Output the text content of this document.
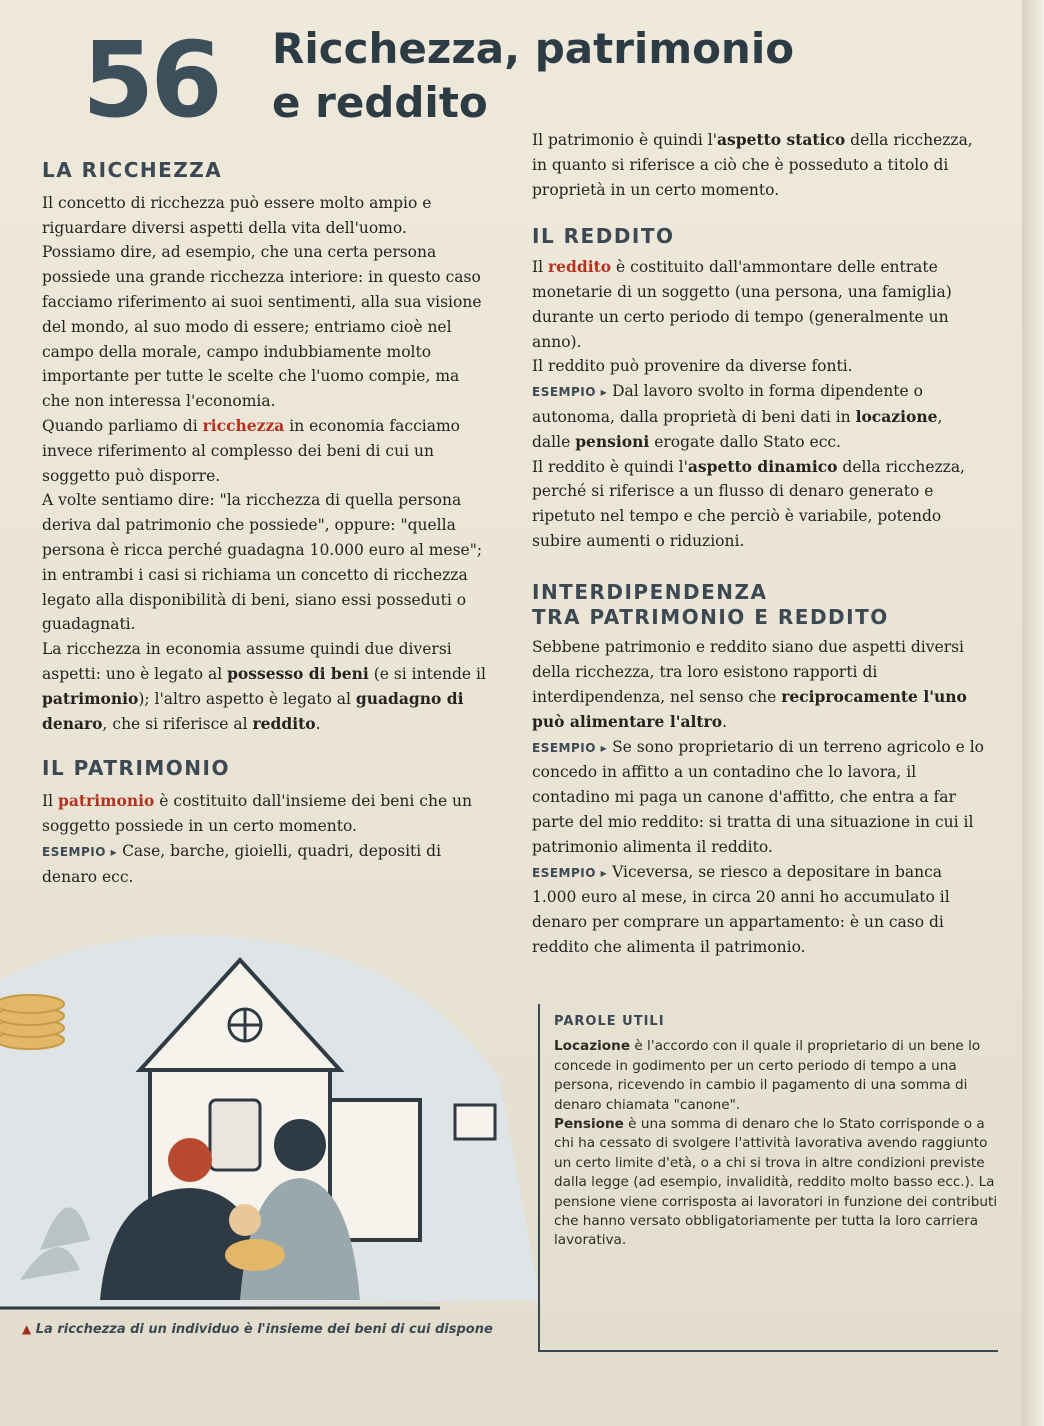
56 Ricchezza, patrimonio
e reddito
LA RICCHEZZA

Il concetto di ricchezza può essere molto ampio e riguardare diversi aspetti della vita dell'uomo.

Possiamo dire, ad esempio, che una certa persona possiede una grande ricchezza interiore: in questo caso facciamo riferimento ai suoi sentimenti, alla sua visione del mondo, al suo modo di essere; entriamo cioè nel campo della morale, campo indubbiamente molto importante per tutte le scelte che l'uomo compie, ma che non interessa l'economia.

Quando parliamo di ricchezza in economia facciamo invece riferimento al complesso dei beni di cui un soggetto può disporre.

A volte sentiamo dire: "la ricchezza di quella persona deriva dal patrimonio che possiede", oppure: "quella persona è ricca perché guadagna 10.000 euro al mese"; in entrambi i casi si richiama un concetto di ricchezza legato alla disponibilità di beni, siano essi posseduti o guadagnati.

La ricchezza in economia assume quindi due diversi aspetti: uno è legato al possesso di beni (e si intende il patrimonio); l'altro aspetto è legato al guadagno di denaro, che si riferisce al reddito.

IL PATRIMONIO

Il patrimonio è costituito dall'insieme dei beni che un soggetto possiede in un certo momento.

ESEMPIO ▸ Case, barche, gioielli, quadri, depositi di denaro ecc.

Il patrimonio è quindi l'aspetto statico della ricchezza, in quanto si riferisce a ciò che è posseduto a titolo di proprietà in un certo momento.

IL REDDITO

Il reddito è costituito dall'ammontare delle entrate monetarie di un soggetto (una persona, una famiglia) durante un certo periodo di tempo (generalmente un anno).

Il reddito può provenire da diverse fonti.

ESEMPIO ▸ Dal lavoro svolto in forma dipendente o autonoma, dalla proprietà di beni dati in locazione, dalle pensioni erogate dallo Stato ecc.

Il reddito è quindi l'aspetto dinamico della ricchezza, perché si riferisce a un flusso di denaro generato e ripetuto nel tempo e che perciò è variabile, potendo subire aumenti o riduzioni.

INTERDIPENDENZA
TRA PATRIMONIO E REDDITO

Sebbene patrimonio e reddito siano due aspetti diversi della ricchezza, tra loro esistono rapporti di interdipendenza, nel senso che reciprocamente l'uno può alimentare l'altro.

ESEMPIO ▸ Se sono proprietario di un terreno agricolo e lo concedo in affitto a un contadino che lo lavora, il contadino mi paga un canone d'affitto, che entra a far parte del mio reddito: si tratta di una situazione in cui il patrimonio alimenta il reddito.

ESEMPIO ▸ Viceversa, se riesco a depositare in banca 1.000 euro al mese, in circa 20 anni ho accumulato il denaro per comprare un appartamento: è un caso di reddito che alimenta il patrimonio.

▲ La ricchezza di un individuo è l'insieme dei beni di cui dispone
PAROLE UTILI

Locazione è l'accordo con il quale il proprietario di un bene lo concede in godimento per un certo periodo di tempo a una persona, ricevendo in cambio il pagamento di una somma di denaro chiamata "canone".

Pensione è una somma di denaro che lo Stato corrisponde o a chi ha cessato di svolgere l'attività lavorativa avendo raggiunto un certo limite d'età, o a chi si trova in altre condizioni previste dalla legge (ad esempio, invalidità, reddito molto basso ecc.). La pensione viene corrisposta ai lavoratori in funzione dei contributi che hanno versato obbligatoriamente per tutta la loro carriera lavorativa.
